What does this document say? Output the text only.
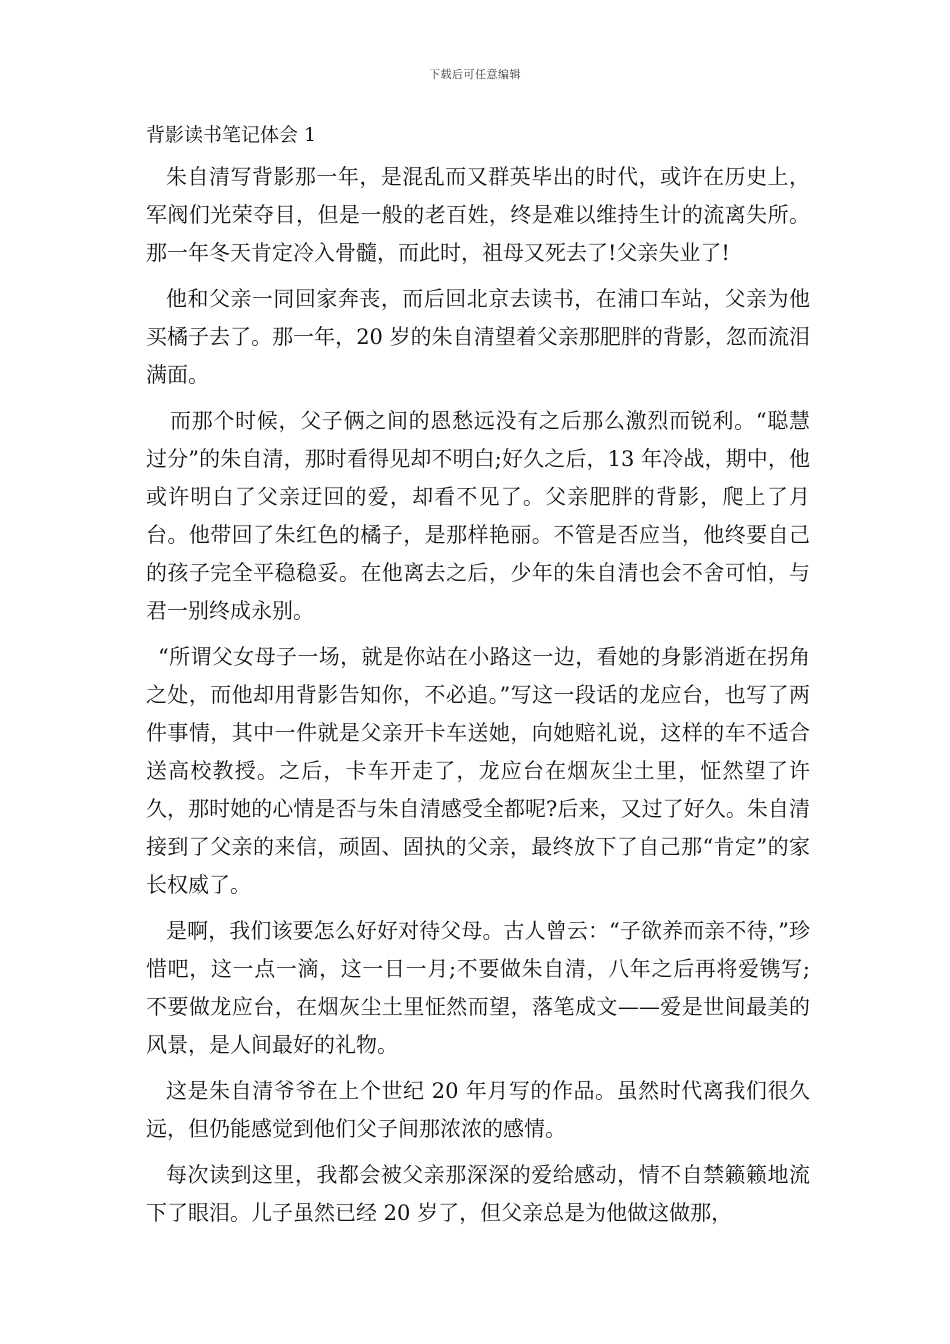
下载后可任意编辑
背影读书笔记体会 1

朱自清写背影那一年，是混乱而又群英毕出的时代，或许在历史上，军阀们光荣夺目，但是一般的老百姓，终是难以维持生计的流离失所。那一年冬天肯定冷入骨髓，而此时，祖母又死去了!父亲失业了!

他和父亲一同回家奔丧，而后回北京去读书，在浦口车站，父亲为他买橘子去了。那一年，20 岁的朱自清望着父亲那肥胖的背影，忽而流泪满面。

而那个时候，父子俩之间的恩愁远没有之后那么激烈而锐利。“聪慧过分”的朱自清，那时看得见却不明白;好久之后，13 年冷战，期中，他或许明白了父亲迂回的爱，却看不见了。父亲肥胖的背影，爬上了月台。他带回了朱红色的橘子，是那样艳丽。不管是否应当，他终要自己的孩子完全平稳稳妥。在他离去之后，少年的朱自清也会不舍可怕，与君一别终成永别。

“所谓父女母子一场，就是你站在小路这一边，看她的身影消逝在拐角之处，而他却用背影告知你，不必追。”写这一段话的龙应台，也写了两件事情，其中一件就是父亲开卡车送她，向她赔礼说，这样的车不适合送高校教授。之后，卡车开走了，龙应台在烟灰尘土里，怔然望了许久，那时她的心情是否与朱自清感受全都呢?后来，又过了好久。朱自清接到了父亲的来信，顽固、固执的父亲，最终放下了自己那“肯定”的家长权威了。

是啊，我们该要怎么好好对待父母。古人曾云：“子欲养而亲不待，”珍惜吧，这一点一滴，这一日一月;不要做朱自清，八年之后再将爱镌写;不要做龙应台，在烟灰尘土里怔然而望，落笔成文——爱是世间最美的风景，是人间最好的礼物。

这是朱自清爷爷在上个世纪 20 年月写的作品。虽然时代离我们很久远，但仍能感觉到他们父子间那浓浓的感情。

每次读到这里，我都会被父亲那深深的爱给感动，情不自禁籁籁地流下了眼泪。儿子虽然已经 20 岁了，但父亲总是为他做这做那，
